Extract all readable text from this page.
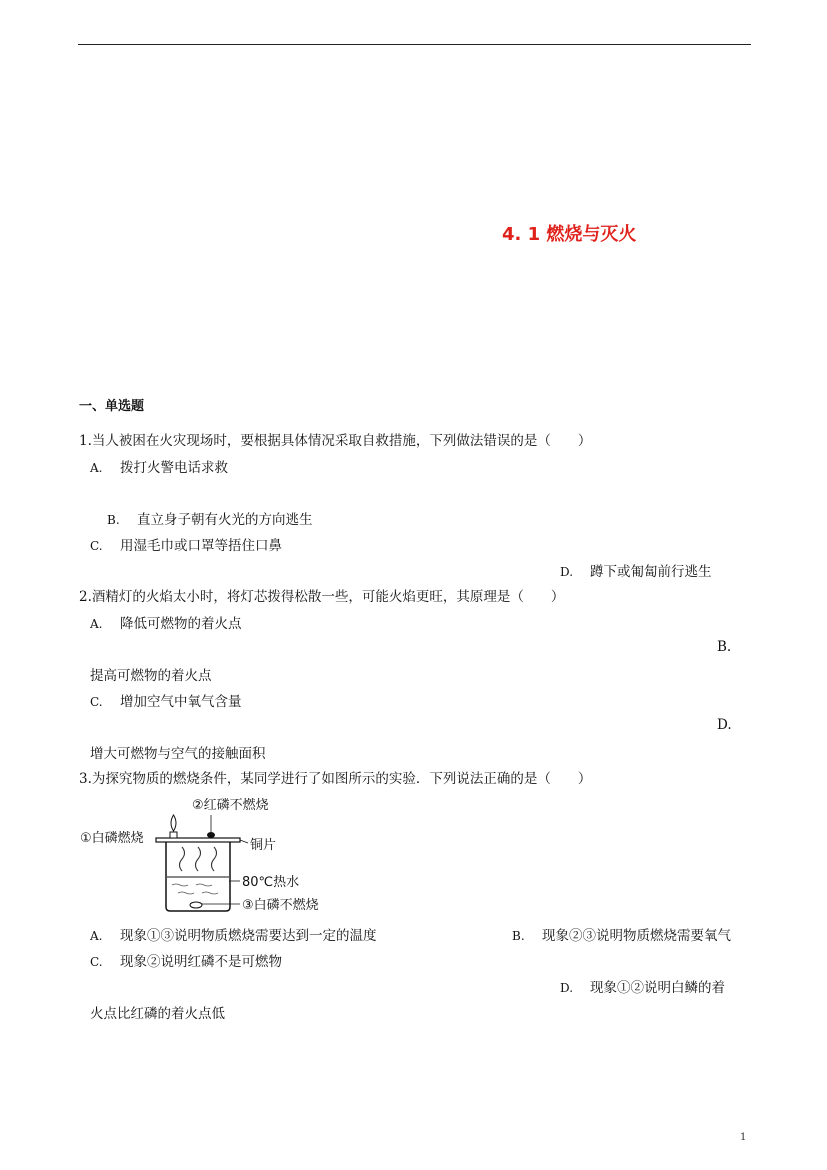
4. 1 燃烧与灭火
一、单选题
1.当人被困在火灾现场时，要根据具体情况采取自救措施，下列做法错误的是（　　）
A. 拨打火警电话求救
B. 直立身子朝有火光的方向逃生
C. 用湿毛巾或口罩等捂住口鼻
D. 蹲下或匍匐前行逃生
2.酒精灯的火焰太小时，将灯芯拨得松散一些，可能火焰更旺，其原理是（　　）
A. 降低可燃物的着火点
B.
提高可燃物的着火点
C. 增加空气中氧气含量
D.
增大可燃物与空气的接触面积
3.为探究物质的燃烧条件，某同学进行了如图所示的实验．下列说法正确的是（　　）
①白磷燃烧
②红磷不燃烧
铜片
80℃热水
③白磷不燃烧
A. 现象①③说明物质燃烧需要达到一定的温度	B. 现象②③说明物质燃烧需要氧气
C. 现象②说明红磷不是可燃物
D. 现象①②说明白鳞的着
火点比红磷的着火点低
1
